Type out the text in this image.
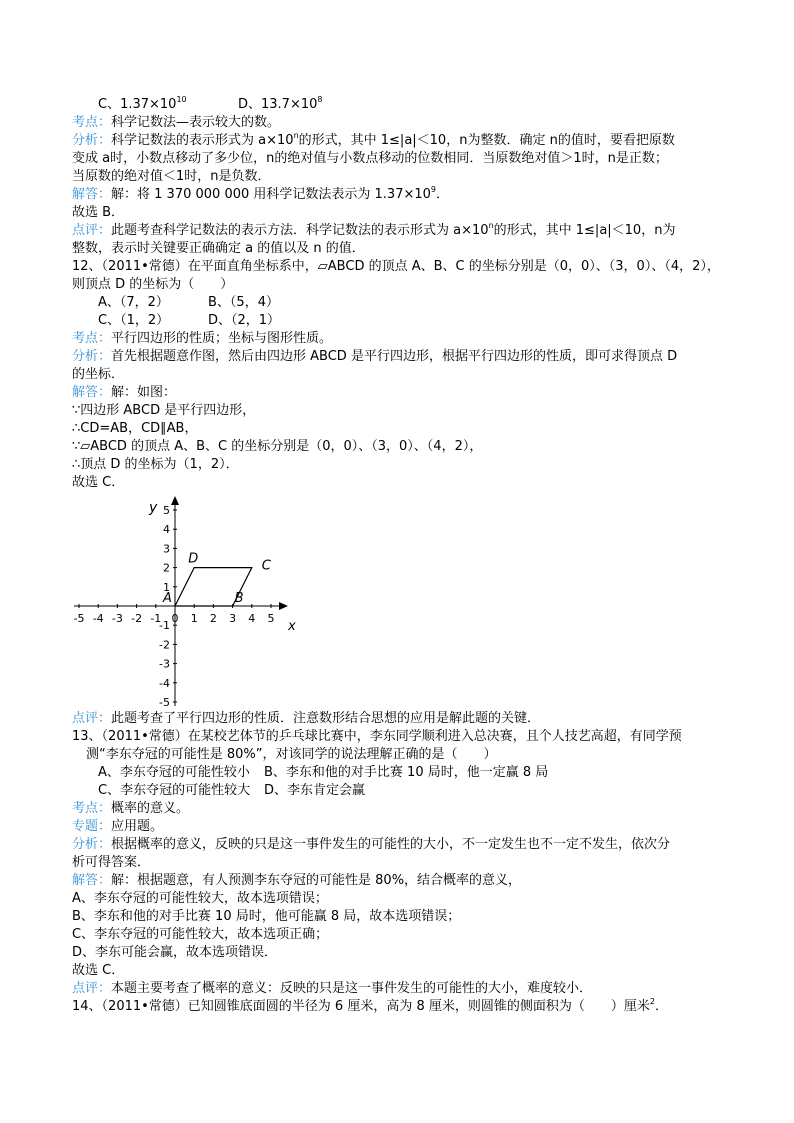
C、$1.37\times 10^{10}$	D、$13.7\times 10^8$
考点：科学记数法—表示较大的数。
分析：科学记数法的表示形式为 $a\times 10^n$的形式，其中 1≤|a|＜10，n为整数．确定 n的值时，要看把原数
变成 a时，小数点移动了多少位，n的绝对值与小数点移动的位数相同．当原数绝对值＞1时，n是正数；
当原数的绝对值＜1时，n是负数．
解答：解：将 1 370 000 000 用科学记数法表示为 $1.37\times 10^9$．
故选 B．
点评：此题考查科学记数法的表示方法．科学记数法的表示形式为 $a\times 10^n$的形式，其中 1≤|a|＜10，n为
整数，表示时关键要正确确定 a 的值以及 n 的值．
12、（2011•常德）在平面直角坐标系中，▱ABCD 的顶点 A、B、C 的坐标分别是（0，0）、（3，0）、（4，2），
则顶点 D 的坐标为（　　）
A、（7，2）	B、（5，4）
C、（1，2）	D、（2，1）
考点：平行四边形的性质；坐标与图形性质。
分析：首先根据题意作图，然后由四边形 ABCD 是平行四边形，根据平行四边形的性质，即可求得顶点 D
的坐标．
解答：解：如图：
∵四边形 ABCD 是平行四边形，
∴CD=AB，CD∥AB，
∵▱ABCD 的顶点 A、B、C 的坐标分别是（0，0）、（3，0）、（4，2），
∴顶点 D 的坐标为（1，2）．
故选 C．
x
y
-5 -4 -3 -2 -1 0 1 2 3 4 5
1
2
3
4
5
-1
-2
-3
-4
-5
A	B
C
D
点评：此题考查了平行四边形的性质．注意数形结合思想的应用是解此题的关键．
13、（2011•常德）在某校艺体节的乒乓球比赛中，李东同学顺利进入总决赛，且个人技艺高超，有同学预
测“李东夺冠的可能性是 80%”，对该同学的说法理解正确的是（　　）
A、李东夺冠的可能性较小 B、李东和他的对手比赛 10 局时，他一定赢 8 局
C、李东夺冠的可能性较大 D、李东肯定会赢
考点：概率的意义。
专题：应用题。
分析：根据概率的意义，反映的只是这一事件发生的可能性的大小，不一定发生也不一定不发生，依次分
析可得答案．
解答：解：根据题意，有人预测李东夺冠的可能性是 80%，结合概率的意义，
A、李东夺冠的可能性较大，故本选项错误；
B、李东和他的对手比赛 10 局时，他可能赢 8 局，故本选项错误；
C、李东夺冠的可能性较大，故本选项正确；
D、李东可能会赢，故本选项错误．
故选 C．
点评：本题主要考查了概率的意义：反映的只是这一事件发生的可能性的大小，难度较小．
14、（2011•常德）已知圆锥底面圆的半径为 6 厘米，高为 8 厘米，则圆锥的侧面积为（　　）厘米$^2$．
